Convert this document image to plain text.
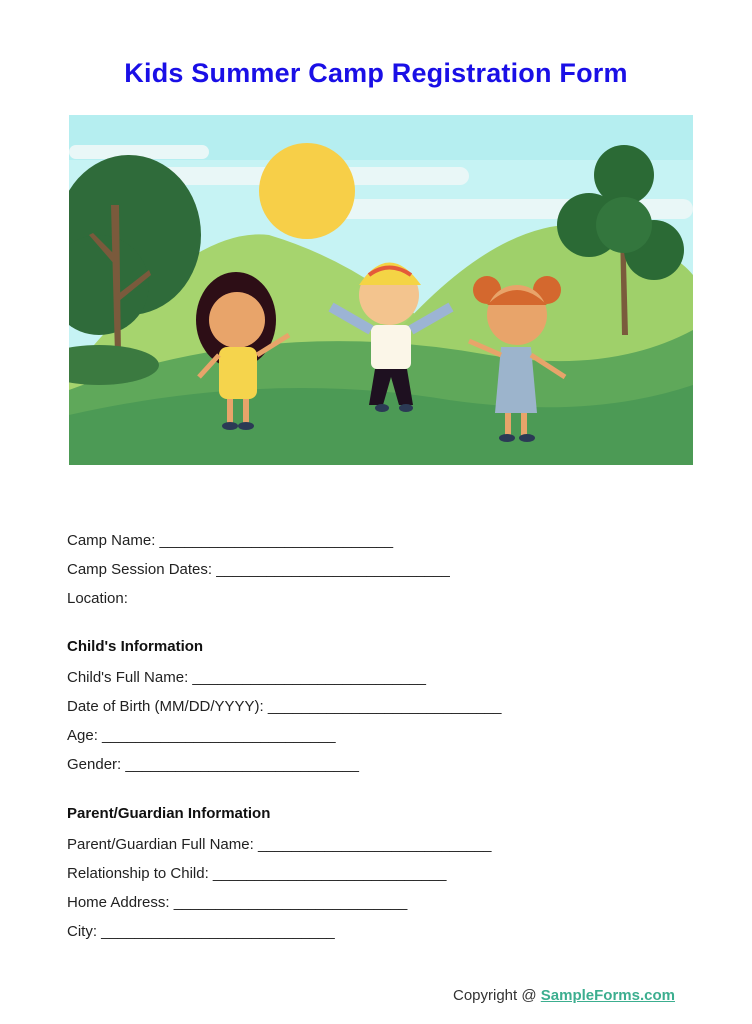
Kids Summer Camp Registration Form
Camp Name: ____________________________
Camp Session Dates: ____________________________
Location:
Child's Information
Child's Full Name: ____________________________
Date of Birth (MM/DD/YYYY): ____________________________
Age: ____________________________
Gender: ____________________________
Parent/Guardian Information
Parent/Guardian Full Name: ____________________________
Relationship to Child: ____________________________
Home Address: ____________________________
City: ____________________________
Copyright @ SampleForms.com
